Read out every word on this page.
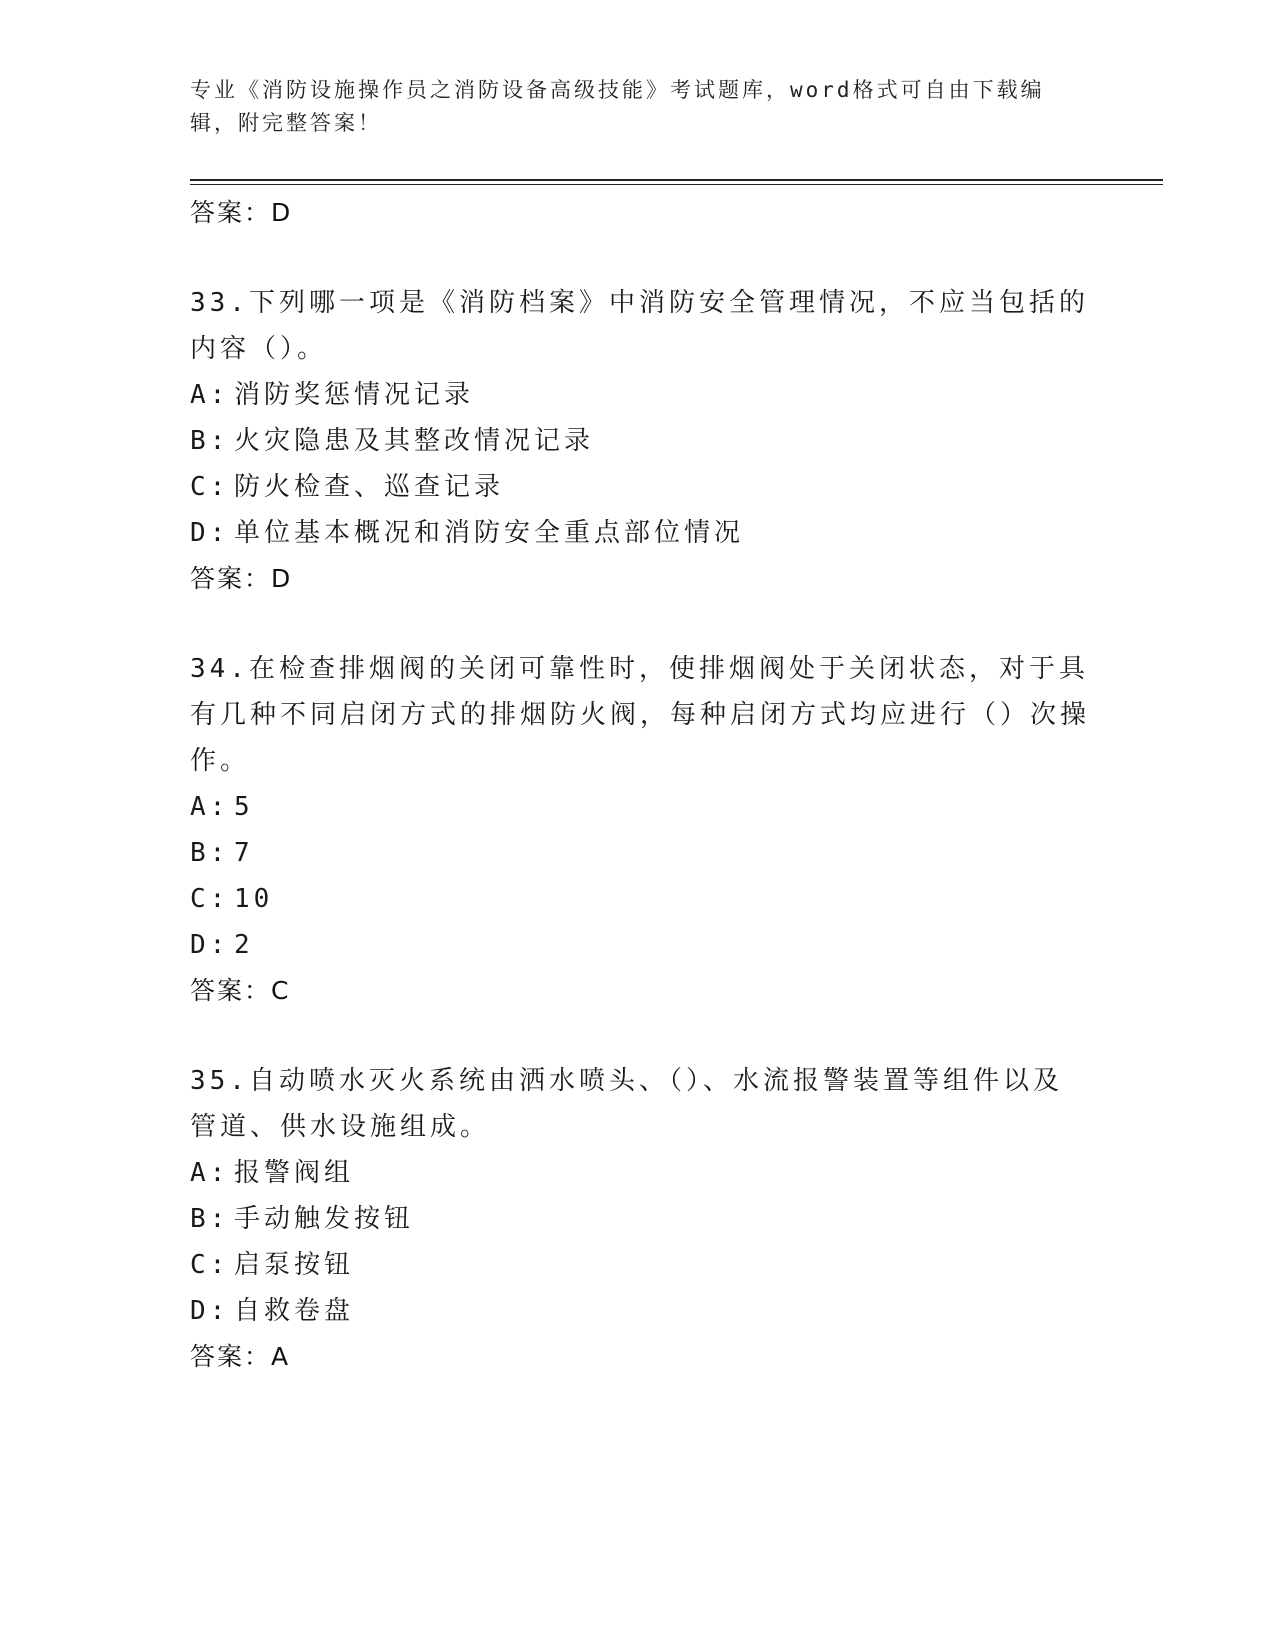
专业《消防设施操作员之消防设备高级技能》考试题库，word格式可自由下载编辑，附完整答案！

答案：D

33.下列哪一项是《消防档案》中消防安全管理情况，不应当包括的内容（）。

A: 消防奖惩情况记录

B: 火灾隐患及其整改情况记录

C: 防火检查、巡查记录

D: 单位基本概况和消防安全重点部位情况

答案：D

34.在检查排烟阀的关闭可靠性时，使排烟阀处于关闭状态，对于具有几种不同启闭方式的排烟防火阀，每种启闭方式均应进行（）次操作。

A: 5

B: 7

C: 10

D: 2

答案：C

35.自动喷水灭火系统由洒水喷头、（）、水流报警装置等组件以及管道、供水设施组成。

A: 报警阀组

B: 手动触发按钮

C: 启泵按钮

D: 自救卷盘

答案：A
